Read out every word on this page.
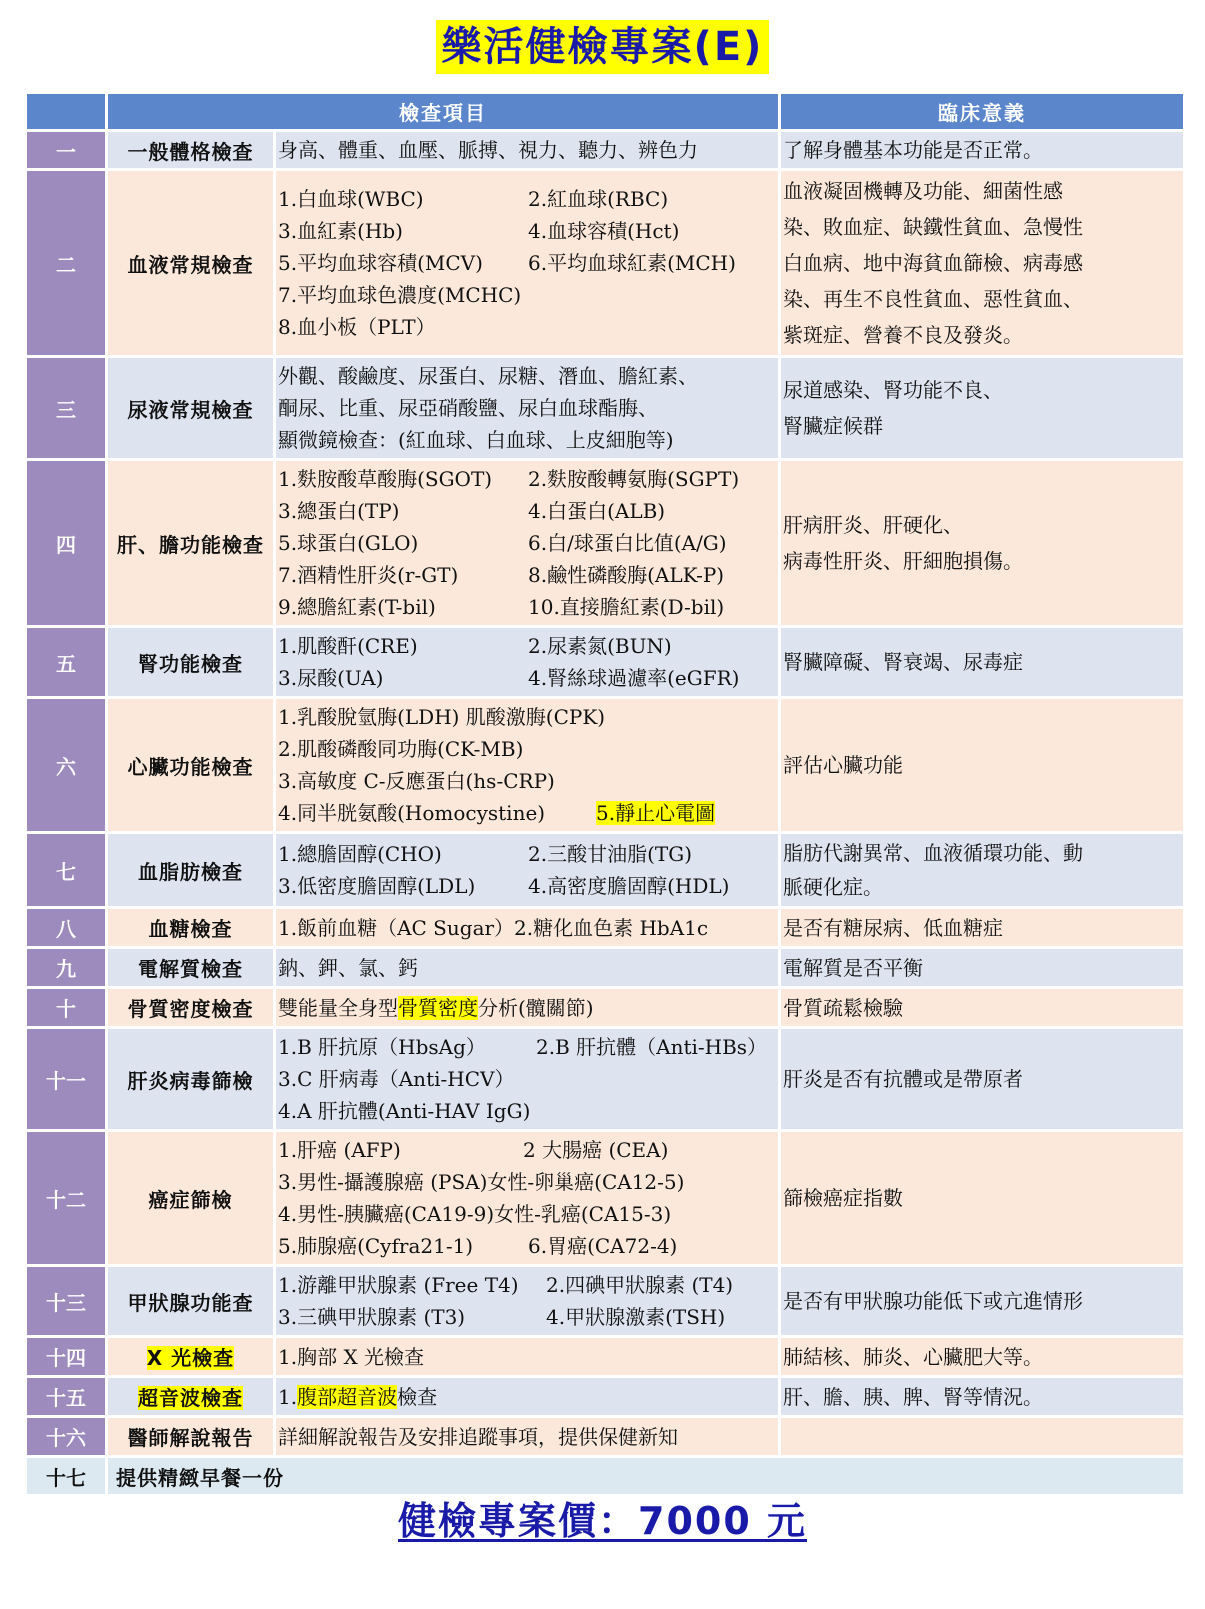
樂活健檢專案(E)
	檢查項目		臨床意義
一	一般體格檢查	身高、體重、血壓、脈搏、視力、聽力、辨色力	了解身體基本功能是否正常。

二	血液常規檢查	1.白血球(WBC) 2.紅血球(RBC)
3.血紅素(Hb) 4.血球容積(Hct)
5.平均血球容積(MCV) 6.平均血球紅素(MCH)
7.平均血球色濃度(MCHC)
8.血小板（PLT）	血液凝固機轉及功能、細菌性感
染、敗血症、缺鐵性貧血、急慢性
白血病、地中海貧血篩檢、病毒感
染、再生不良性貧血、惡性貧血、
紫斑症、營養不良及發炎。

三	尿液常規檢查	外觀、酸鹼度、尿蛋白、尿糖、潛血、膽紅素、
酮尿、比重、尿亞硝酸鹽、尿白血球酯脢、
顯微鏡檢查：(紅血球、白血球、上皮細胞等)	尿道感染、腎功能不良、
腎臟症候群

四	肝、膽功能檢查	1.麩胺酸草酸脢(SGOT) 2.麩胺酸轉氨脢(SGPT)
3.總蛋白(TP) 4.白蛋白(ALB)
5.球蛋白(GLO) 6.白/球蛋白比值(A/G)
7.酒精性肝炎(r-GT) 8.鹼性磷酸脢(ALK-P)
9.總膽紅素(T-bil) 10.直接膽紅素(D-bil)	肝病肝炎、肝硬化、
病毒性肝炎、肝細胞損傷。

五	腎功能檢查	1.肌酸酐(CRE) 2.尿素氮(BUN)
3.尿酸(UA) 4.腎絲球過濾率(eGFR)	腎臟障礙、腎衰竭、尿毒症

六	心臟功能檢查	1.乳酸脫氫脢(LDH) 肌酸激脢(CPK)
2.肌酸磷酸同功脢(CK-MB)
3.高敏度 C-反應蛋白(hs-CRP)
4.同半胱氨酸(Homocystine) 5.靜止心電圖	評估心臟功能

七	血脂肪檢查	1.總膽固醇(CHO) 2.三酸甘油脂(TG)
3.低密度膽固醇(LDL) 4.高密度膽固醇(HDL)	脂肪代謝異常、血液循環功能、動
脈硬化症。

八	血糖檢查	1.飯前血糖（AC Sugar）2.糖化血色素 HbA1c	是否有糖尿病、低血糖症

九	電解質檢查	鈉、鉀、氯、鈣	電解質是否平衡

十	骨質密度檢查	雙能量全身型骨質密度分析(髖關節)	骨質疏鬆檢驗

十一	肝炎病毒篩檢	1.B 肝抗原（HbsAg） 2.B 肝抗體（Anti-HBs）
3.C 肝病毒（Anti-HCV）
4.A 肝抗體(Anti-HAV IgG)	肝炎是否有抗體或是帶原者

十二	癌症篩檢	1.肝癌 (AFP) 2 大腸癌 (CEA)
3.男性-攝護腺癌 (PSA)女性-卵巢癌(CA12-5)
4.男性-胰臟癌(CA19-9)女性-乳癌(CA15-3)
5.肺腺癌(Cyfra21-1) 6.胃癌(CA72-4)	篩檢癌症指數

十三	甲狀腺功能查	1.游離甲狀腺素 (Free T4) 2.四碘甲狀腺素 (T4)
3.三碘甲狀腺素 (T3) 4.甲狀腺激素(TSH)	是否有甲狀腺功能低下或亢進情形

十四	X 光檢查	1.胸部 X 光檢查	肺結核、肺炎、心臟肥大等。

十五	超音波檢查	1.腹部超音波檢查	肝、膽、胰、脾、腎等情況。

十六	醫師解說報告	詳細解說報告及安排追蹤事項，提供保健新知	

十七	提供精緻早餐一份		
健檢專案價：7000 元
